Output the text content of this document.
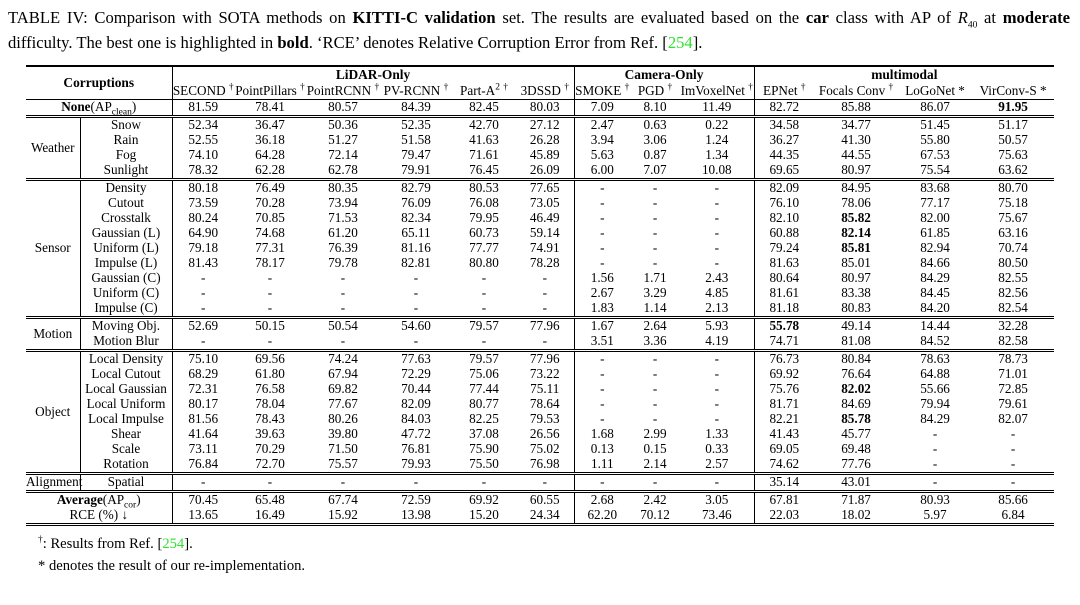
TABLE IV: Comparison with SOTA methods on KITTI-C validation set. The results are evaluated based on the car class with AP of $R_{40}$ at moderate difficulty. The best one is highlighted in bold. ‘RCE’ denotes Relative Corruption Error from Ref. [254].
Corruptions		LiDAR-Only						Camera-Only			multimodal			
		SECOND †	PointPillars †	PointRCNN †	PV-RCNN †	Part-$A^2$ †	3DSSD †	SMOKE †	PGD †	ImVoxelNet †	EPNet †	Focals Conv †	LoGoNet *	VirConv-S *
$None(AP_{clean})$		81.59	78.41	80.57	84.39	82.45	80.03	7.09	8.10	11.49	82.72	85.88	86.07	91.95
Weather	Snow	52.34	36.47	50.36	52.35	42.70	27.12	2.47	0.63	0.22	34.58	34.77	51.45	51.17
	Rain	52.55	36.18	51.27	51.58	41.63	26.28	3.94	3.06	1.24	36.27	41.30	55.80	50.57
	Fog	74.10	64.28	72.14	79.47	71.61	45.89	5.63	0.87	1.34	44.35	44.55	67.53	75.63
	Sunlight	78.32	62.28	62.78	79.91	76.45	26.09	6.00	7.07	10.08	69.65	80.97	75.54	63.62
Sensor	Density	80.18	76.49	80.35	82.79	80.53	77.65	-	-	-	82.09	84.95	83.68	80.70
	Cutout	73.59	70.28	73.94	76.09	76.08	73.05	-	-	-	76.10	78.06	77.17	75.18
	Crosstalk	80.24	70.85	71.53	82.34	79.95	46.49	-	-	-	82.10	85.82	82.00	75.67
	Gaussian (L)	64.90	74.68	61.20	65.11	60.73	59.14	-	-	-	60.88	82.14	61.85	63.16
	Uniform (L)	79.18	77.31	76.39	81.16	77.77	74.91	-	-	-	79.24	85.81	82.94	70.74
	Impulse (L)	81.43	78.17	79.78	82.81	80.80	78.28	-	-	-	81.63	85.01	84.66	80.50
	Gaussian (C)	-	-	-	-	-	-	1.56	1.71	2.43	80.64	80.97	84.29	82.55
	Uniform (C)	-	-	-	-	-	-	2.67	3.29	4.85	81.61	83.38	84.45	82.56
	Impulse (C)	-	-	-	-	-	-	1.83	1.14	2.13	81.18	80.83	84.20	82.54
Motion	Moving Obj.	52.69	50.15	50.54	54.60	79.57	77.96	1.67	2.64	5.93	55.78	49.14	14.44	32.28
	Motion Blur	-	-	-	-	-	-	3.51	3.36	4.19	74.71	81.08	84.52	82.58
Object	Local Density	75.10	69.56	74.24	77.63	79.57	77.96	-	-	-	76.73	80.84	78.63	78.73
	Local Cutout	68.29	61.80	67.94	72.29	75.06	73.22	-	-	-	69.92	76.64	64.88	71.01
	Local Gaussian	72.31	76.58	69.82	70.44	77.44	75.11	-	-	-	75.76	82.02	55.66	72.85
	Local Uniform	80.17	78.04	77.67	82.09	80.77	78.64	-	-	-	81.71	84.69	79.94	79.61
	Local Impulse	81.56	78.43	80.26	84.03	82.25	79.53	-	-	-	82.21	85.78	84.29	82.07
	Shear	41.64	39.63	39.80	47.72	37.08	26.56	1.68	2.99	1.33	41.43	45.77	-	-
	Scale	73.11	70.29	71.50	76.81	75.90	75.02	0.13	0.15	0.33	69.05	69.48	-	-
	Rotation	76.84	72.70	75.57	79.93	75.50	76.98	1.11	2.14	2.57	74.62	77.76	-	-
Alignment	Spatial	-	-	-	-	-	-	-	-	-	35.14	43.01	-	-
$Average(AP_{cor})$		70.45	65.48	67.74	72.59	69.92	60.55	2.68	2.42	3.05	67.81	71.87	80.93	85.66
RCE (%) ↓		13.65	16.49	15.92	13.98	15.20	24.34	62.20	70.12	73.46	22.03	18.02	5.97	6.84
†: Results from Ref. [254].
* denotes the result of our re-implementation.
